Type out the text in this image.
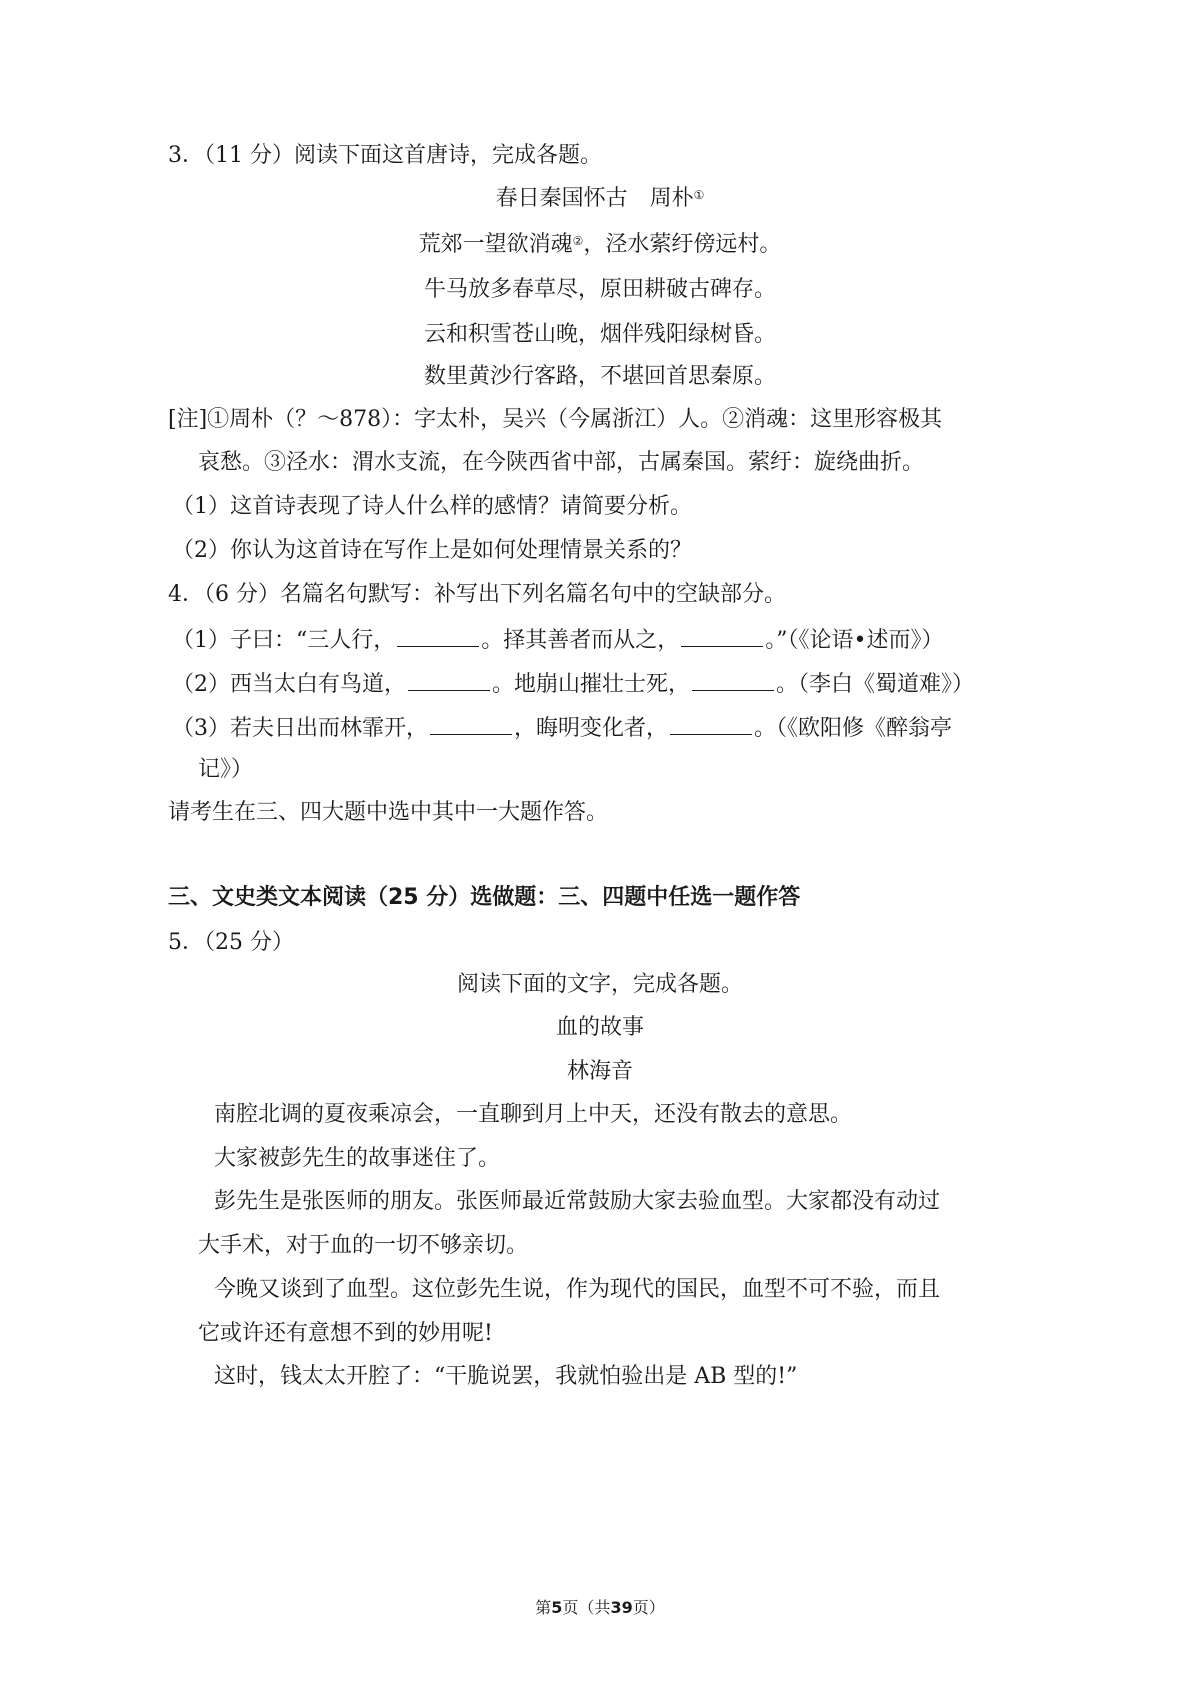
3．（11 分）阅读下面这首唐诗，完成各题。
春日秦国怀古　周朴①
荒郊一望欲消魂②，泾水萦纡傍远村。
牛马放多春草尽，原田耕破古碑存。
云和积雪苍山晚，烟伴残阳绿树昏。
数里黄沙行客路，不堪回首思秦原。
[注]①周朴（？～878）：字太朴，吴兴（今属浙江）人。②消魂：这里形容极其
哀愁。③泾水：渭水支流，在今陕西省中部，古属秦国。萦纡：旋绕曲折。
（1）这首诗表现了诗人什么样的感情？请简要分析。
（2）你认为这首诗在写作上是如何处理情景关系的？
4．（6 分）名篇名句默写：补写出下列名篇名句中的空缺部分。
（1）子曰：“三人行，	。择其善者而从之，	。”（《论语•述而》）
（2）西当太白有鸟道，	。地崩山摧壮士死，	。（李白《蜀道难》）
（3）若夫日出而林霏开，	，晦明变化者，	。（《欧阳修《醉翁亭
记》）
请考生在三、四大题中选中其中一大题作答。
三、文史类文本阅读（25 分）选做题：三、四题中任选一题作答
5．（25 分）
阅读下面的文字，完成各题。
血的故事
林海音
南腔北调的夏夜乘凉会，一直聊到月上中天，还没有散去的意思。
大家被彭先生的故事迷住了。
彭先生是张医师的朋友。张医师最近常鼓励大家去验血型。大家都没有动过
大手术，对于血的一切不够亲切。
今晚又谈到了血型。这位彭先生说，作为现代的国民，血型不可不验，而且
它或许还有意想不到的妙用呢!
这时，钱太太开腔了：“干脆说罢，我就怕验出是 AB 型的!”
第5页（共39页）
